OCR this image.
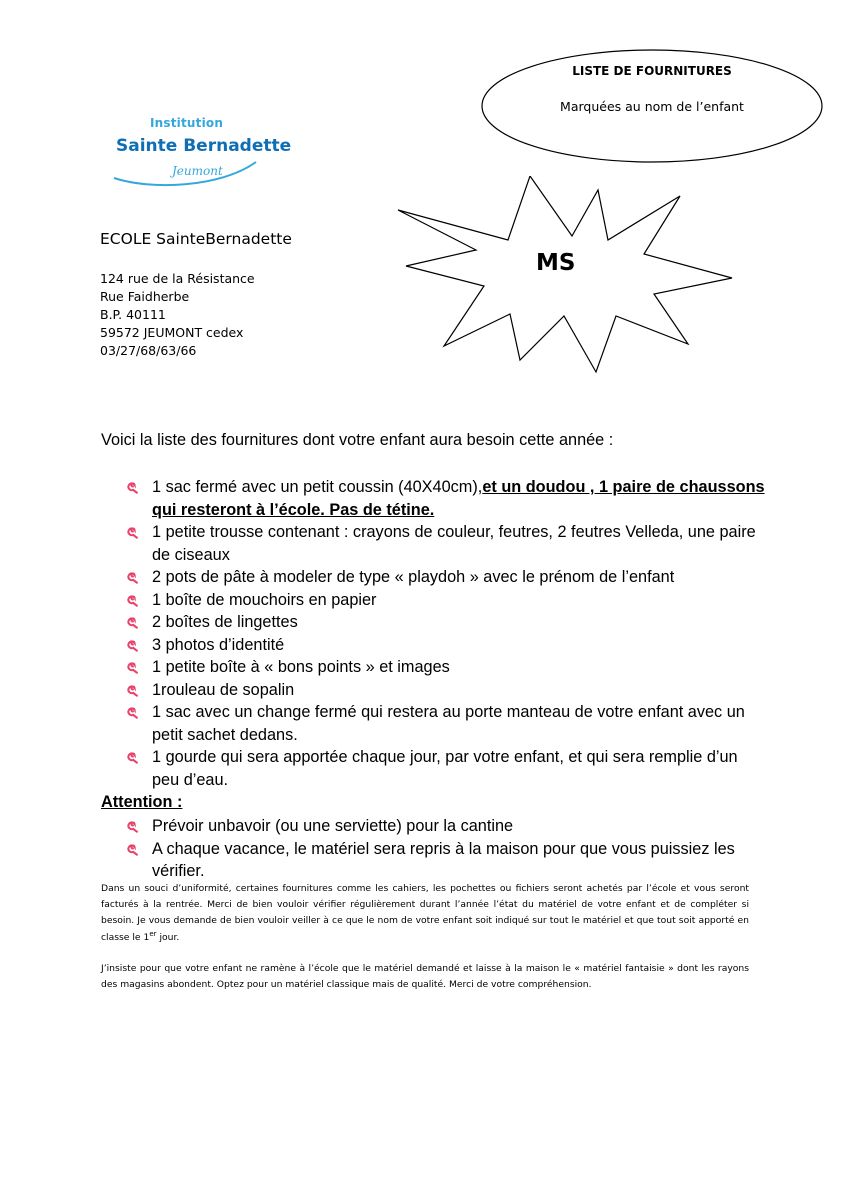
LISTE DE FOURNITURES
Marquées au nom de l’enfant
Institution
Sainte Bernadette
Jeumont
MS
ECOLE SainteBernadette
124 rue de la Résistance
Rue Faidherbe
B.P. 40111
59572 JEUMONT cedex
03/27/68/63/66
Voici la liste des fournitures dont votre enfant aura besoin cette année :
1 sac fermé avec un petit coussin (40X40cm),et un doudou , 1 paire de chaussons qui resteront à l’école. Pas de tétine.
1 petite trousse contenant : crayons de couleur, feutres, 2 feutres Velleda, une paire de ciseaux
2 pots de pâte à modeler de type « playdoh » avec le prénom de l’enfant
1 boîte de mouchoirs en papier
2 boîtes de lingettes
3 photos d’identité
1 petite boîte à « bons points » et images
1rouleau de sopalin
1 sac avec un change fermé qui restera au porte manteau de votre enfant avec un petit sachet dedans.
1 gourde qui sera apportée chaque jour, par votre enfant, et qui sera remplie d’un peu d’eau.
Attention :
Prévoir unbavoir (ou une serviette) pour la cantine
A chaque vacance, le matériel sera repris à la maison pour que vous puissiez les vérifier.
Dans un souci d’uniformité, certaines fournitures comme les cahiers, les pochettes ou fichiers seront achetés par l’école et vous seront facturés à la rentrée. Merci de bien vouloir vérifier régulièrement durant l’année l’état du matériel de votre enfant et de compléter si besoin. Je vous demande de bien vouloir veiller à ce que le nom de votre enfant soit indiqué sur tout le matériel et que tout soit apporté en classe le 1er jour.
J’insiste pour que votre enfant ne ramène à l’école que le matériel demandé et laisse à la maison le « matériel fantaisie » dont les rayons des magasins abondent. Optez pour un matériel classique mais de qualité. Merci de votre compréhension.
